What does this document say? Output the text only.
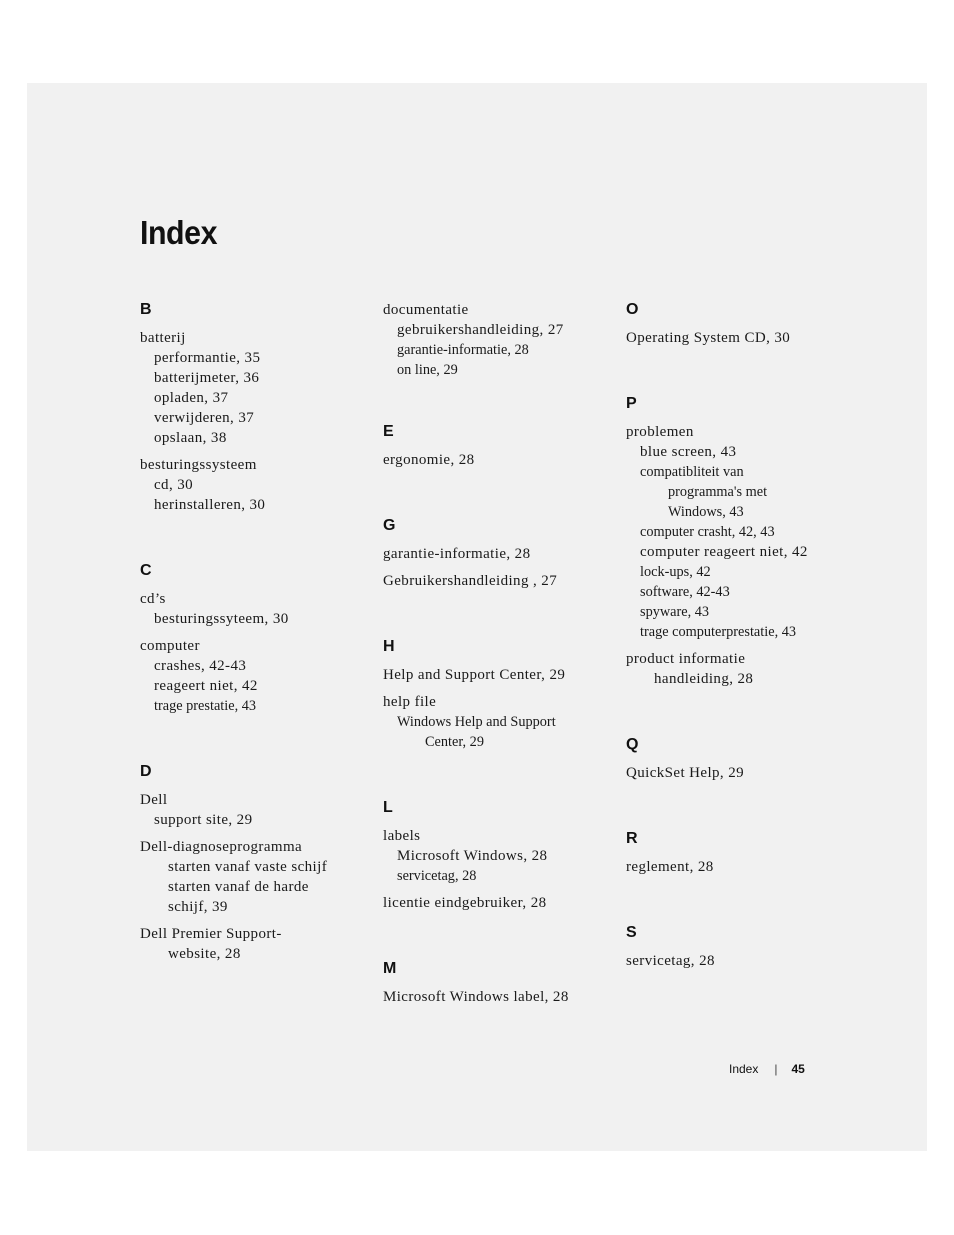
Index
B
batterij
performantie, 35
batterijmeter, 36
opladen, 37
verwijderen, 37
opslaan, 38
besturingssysteem
cd, 30
herinstalleren, 30
C
cd’s
besturingssyteem, 30
computer
crashes, 42-43
reageert niet, 42
trage prestatie, 43
D
Dell
support site, 29
Dell-diagnoseprogramma
starten vanaf vaste schijf
starten vanaf de harde
schijf, 39
Dell Premier Support-
website, 28
documentatie
gebruikershandleiding, 27
garantie-informatie, 28
on line, 29
E
ergonomie, 28
G
garantie-informatie, 28
Gebruikershandleiding , 27
H
Help and Support Center, 29
help file
Windows Help and Support
Center, 29
L
labels
Microsoft Windows, 28
servicetag, 28
licentie eindgebruiker, 28
M
Microsoft Windows label, 28
O
Operating System CD, 30
P
problemen
blue screen, 43
compatibliteit van
programma's met
Windows, 43
computer crasht, 42, 43
computer reageert niet, 42
lock-ups, 42
software, 42-43
spyware, 43
trage computerprestatie, 43
product informatie
handleiding, 28
Q
QuickSet Help, 29
R
reglement, 28
S
servicetag, 28
Index | 45
